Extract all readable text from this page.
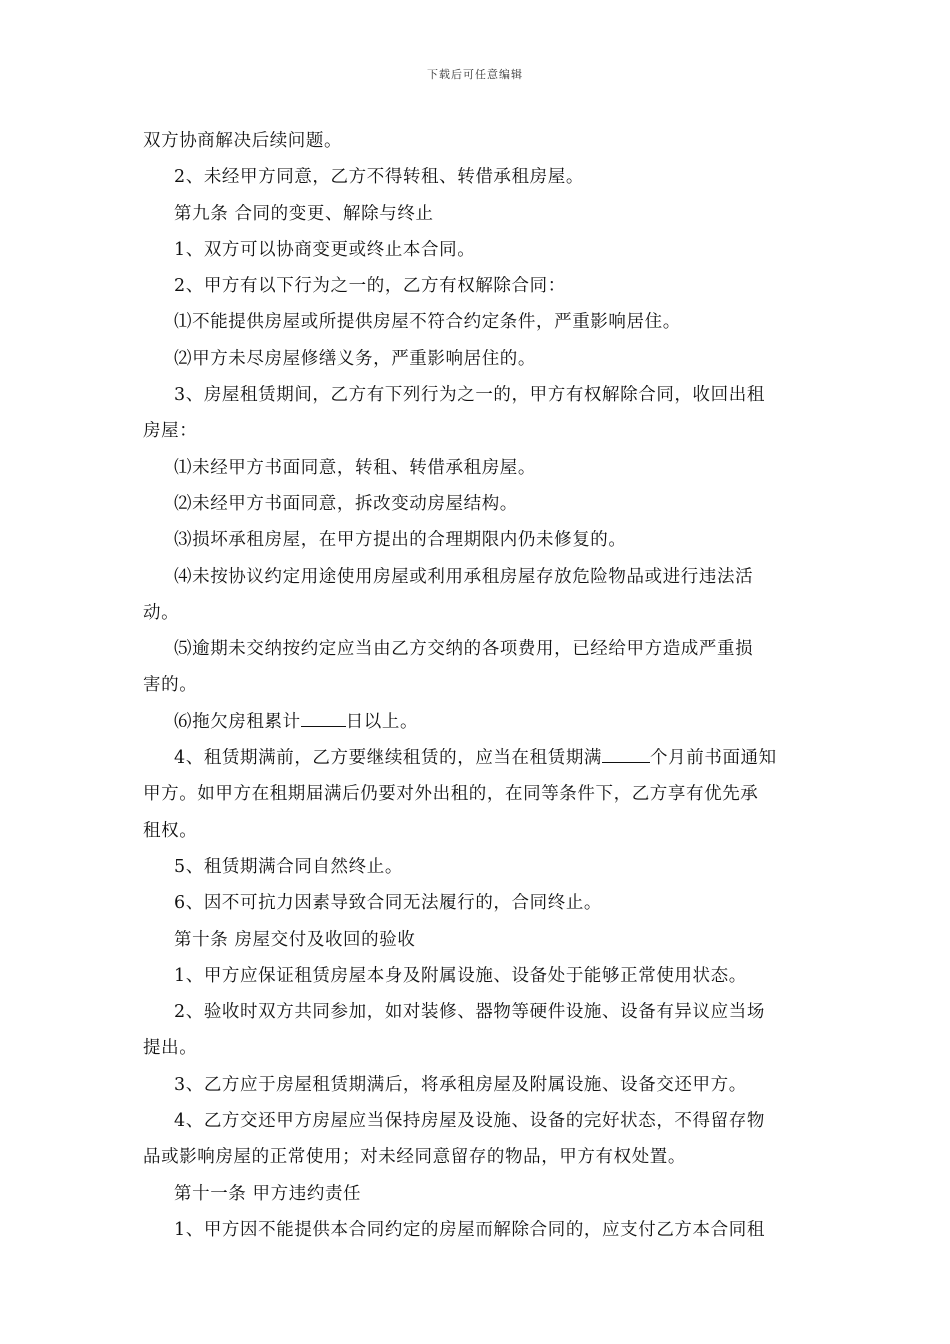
下载后可任意编辑

双方协商解决后续问题。

2、未经甲方同意，乙方不得转租、转借承租房屋。

第九条 合同的变更、解除与终止

1、双方可以协商变更或终止本合同。

2、甲方有以下行为之一的，乙方有权解除合同：

⑴不能提供房屋或所提供房屋不符合约定条件，严重影响居住。

⑵甲方未尽房屋修缮义务，严重影响居住的。

3、房屋租赁期间，乙方有下列行为之一的，甲方有权解除合同，收回出租

房屋：

⑴未经甲方书面同意，转租、转借承租房屋。

⑵未经甲方书面同意，拆改变动房屋结构。

⑶损坏承租房屋，在甲方提出的合理期限内仍未修复的。

⑷未按协议约定用途使用房屋或利用承租房屋存放危险物品或进行违法活

动。

⑸逾期未交纳按约定应当由乙方交纳的各项费用，已经给甲方造成严重损

害的。

⑹拖欠房租累计	日以上。

4、租赁期满前，乙方要继续租赁的，应当在租赁期满	个月前书面通知

甲方。如甲方在租期届满后仍要对外出租的，在同等条件下，乙方享有优先承

租权。

5、租赁期满合同自然终止。

6、因不可抗力因素导致合同无法履行的，合同终止。

第十条 房屋交付及收回的验收

1、甲方应保证租赁房屋本身及附属设施、设备处于能够正常使用状态。

2、验收时双方共同参加，如对装修、器物等硬件设施、设备有异议应当场

提出。

3、乙方应于房屋租赁期满后，将承租房屋及附属设施、设备交还甲方。

4、乙方交还甲方房屋应当保持房屋及设施、设备的完好状态，不得留存物

品或影响房屋的正常使用；对未经同意留存的物品，甲方有权处置。

第十一条 甲方违约责任

1、甲方因不能提供本合同约定的房屋而解除合同的，应支付乙方本合同租
